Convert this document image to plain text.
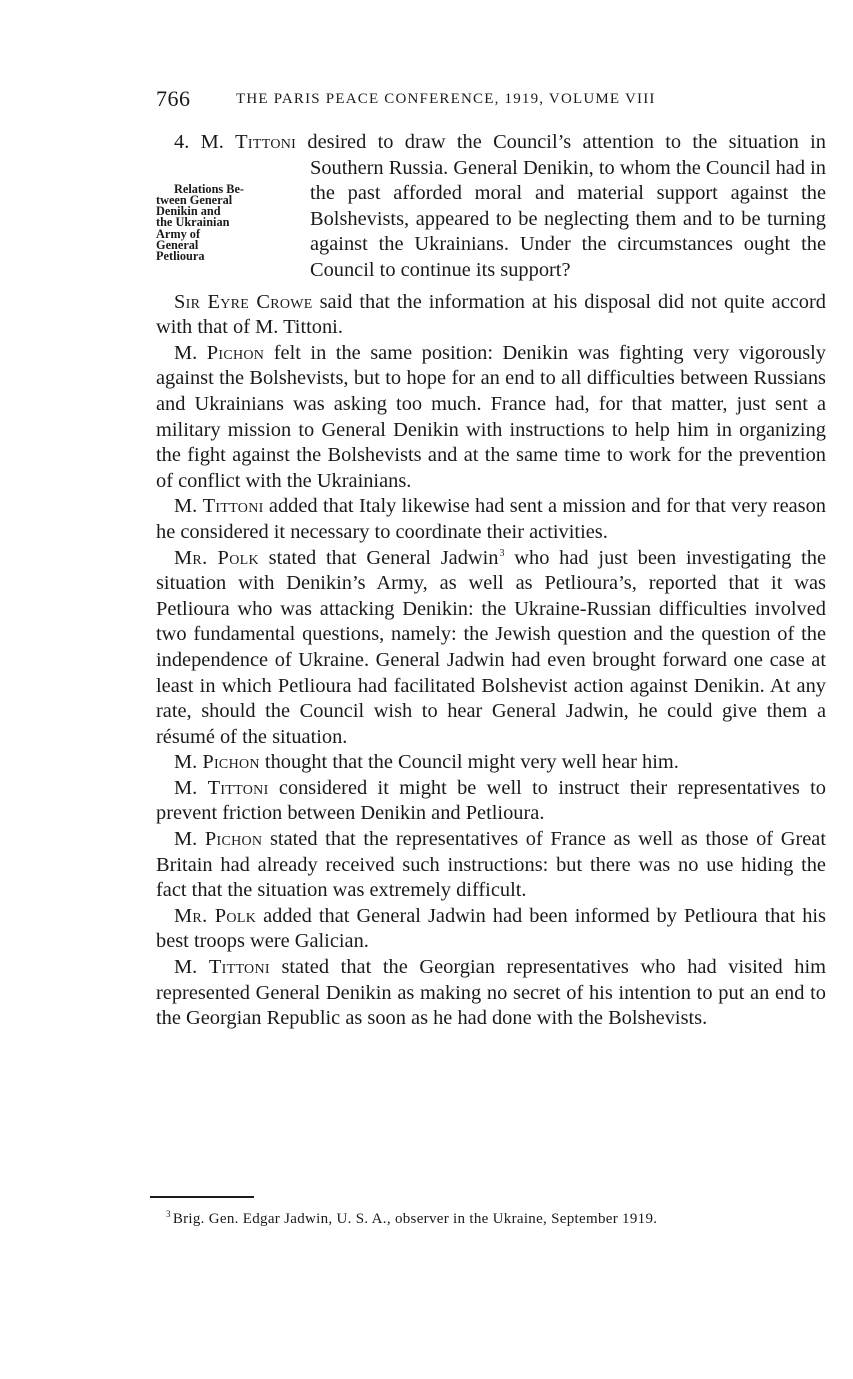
766	THE PARIS PEACE CONFERENCE, 1919, VOLUME VIII

4. M. Tittoni desired to draw the Council’s attention to the situation in Southern Russia. General Denikin, to whom the Council had in
Relations Be-
tween General
Denikin and
the Ukrainian
Army of
General
Petlioura
the past afforded moral and material support against the Bolshevists, appeared to be neglecting them and to be turning against the Ukrainians. Under the circumstances ought the Council to continue its support?

Sir Eyre Crowe said that the information at his disposal did not quite accord with that of M. Tittoni.

M. Pichon felt in the same position: Denikin was fighting very vigorously against the Bolshevists, but to hope for an end to all difficulties between Russians and Ukrainians was asking too much. France had, for that matter, just sent a military mission to General Denikin with instructions to help him in organizing the fight against the Bolshevists and at the same time to work for the prevention of conflict with the Ukrainians.

M. Tittoni added that Italy likewise had sent a mission and for that very reason he considered it necessary to coordinate their activities.

Mr. Polk stated that General Jadwin$^3$ who had just been investigating the situation with Denikin’s Army, as well as Petlioura’s, reported that it was Petlioura who was attacking Denikin: the Ukraine-Russian difficulties involved two fundamental questions, namely: the Jewish question and the question of the independence of Ukraine. General Jadwin had even brought forward one case at least in which Petlioura had facilitated Bolshevist action against Denikin. At any rate, should the Council wish to hear General Jadwin, he could give them a résumé of the situation.

M. Pichon thought that the Council might very well hear him.

M. Tittoni considered it might be well to instruct their representatives to prevent friction between Denikin and Petlioura.

M. Pichon stated that the representatives of France as well as those of Great Britain had already received such instructions: but there was no use hiding the fact that the situation was extremely difficult.

Mr. Polk added that General Jadwin had been informed by Petlioura that his best troops were Galician.

M. Tittoni stated that the Georgian representatives who had visited him represented General Denikin as making no secret of his intention to put an end to the Georgian Republic as soon as he had done with the Bolshevists.

$^3$ Brig. Gen. Edgar Jadwin, U. S. A., observer in the Ukraine, September 1919.
